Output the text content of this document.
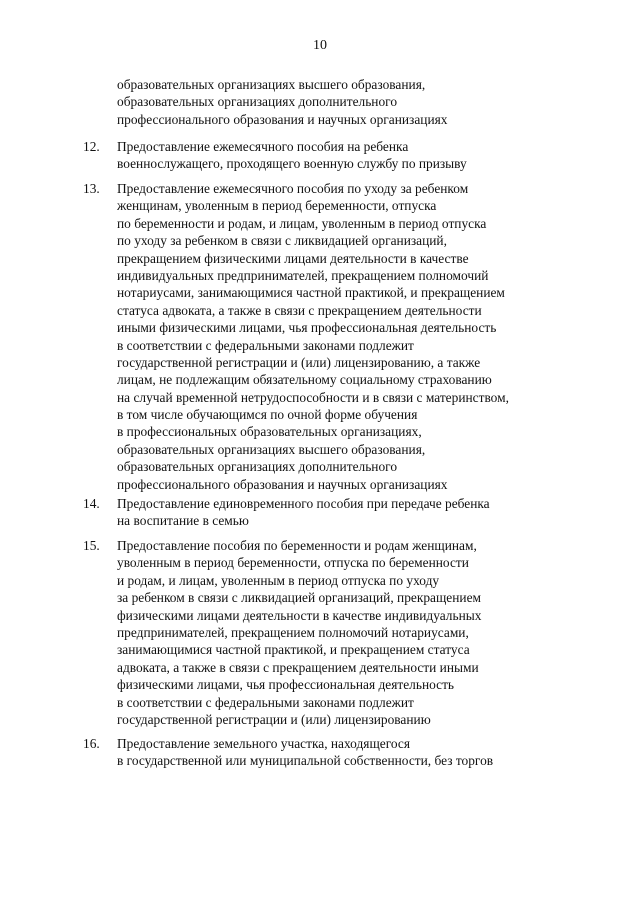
10
образовательных организациях высшего образования,
образовательных организациях дополнительного
профессионального образования и научных организациях
12. Предоставление ежемесячного пособия на ребенка
военнослужащего, проходящего военную службу по призыву
13. Предоставление ежемесячного пособия по уходу за ребенком
женщинам, уволенным в период беременности, отпуска
по беременности и родам, и лицам, уволенным в период отпуска
по уходу за ребенком в связи с ликвидацией организаций,
прекращением физическими лицами деятельности в качестве
индивидуальных предпринимателей, прекращением полномочий
нотариусами, занимающимися частной практикой, и прекращением
статуса адвоката, а также в связи с прекращением деятельности
иными физическими лицами, чья профессиональная деятельность
в соответствии с федеральными законами подлежит
государственной регистрации и (или) лицензированию, а также
лицам, не подлежащим обязательному социальному страхованию
на случай временной нетрудоспособности и в связи с материнством,
в том числе обучающимся по очной форме обучения
в профессиональных образовательных организациях,
образовательных организациях высшего образования,
образовательных организациях дополнительного
профессионального образования и научных организациях
14. Предоставление единовременного пособия при передаче ребенка
на воспитание в семью
15. Предоставление пособия по беременности и родам женщинам,
уволенным в период беременности, отпуска по беременности
и родам, и лицам, уволенным в период отпуска по уходу
за ребенком в связи с ликвидацией организаций, прекращением
физическими лицами деятельности в качестве индивидуальных
предпринимателей, прекращением полномочий нотариусами,
занимающимися частной практикой, и прекращением статуса
адвоката, а также в связи с прекращением деятельности иными
физическими лицами, чья профессиональная деятельность
в соответствии с федеральными законами подлежит
государственной регистрации и (или) лицензированию
16. Предоставление земельного участка, находящегося
в государственной или муниципальной собственности, без торгов
